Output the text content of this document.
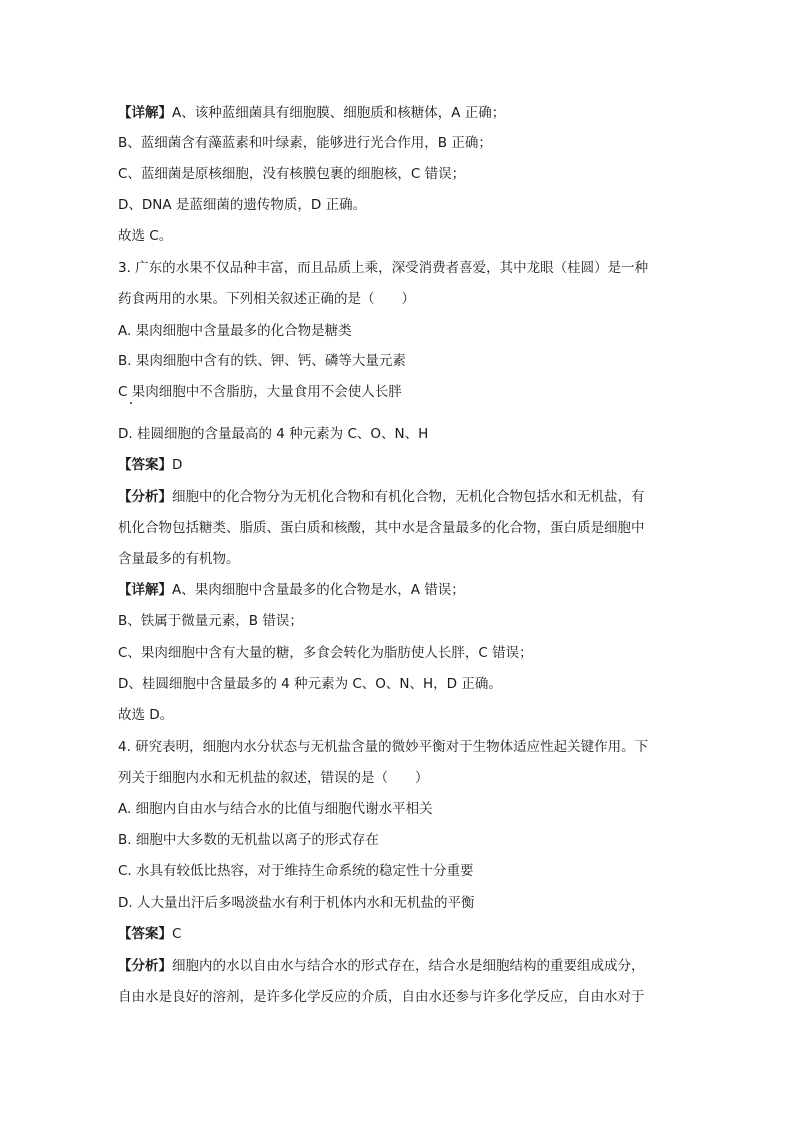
【详解】A、该种蓝细菌具有细胞膜、细胞质和核糖体，A 正确；
B、蓝细菌含有藻蓝素和叶绿素，能够进行光合作用，B 正确；
C、蓝细菌是原核细胞，没有核膜包裹的细胞核，C 错误；
D、DNA 是蓝细菌的遗传物质，D 正确。
故选 C。
3. 广东的水果不仅品种丰富，而且品质上乘，深受消费者喜爱，其中龙眼（桂圆）是一种
药食两用的水果。下列相关叙述正确的是（　　）
A. 果肉细胞中含量最多的化合物是糖类
B. 果肉细胞中含有的铁、钾、钙、磷等大量元素
C 果肉细胞中不含脂肪，大量食用不会使人长胖
D. 桂圆细胞的含量最高的 4 种元素为 C、O、N、H
【答案】D
【分析】细胞中的化合物分为无机化合物和有机化合物，无机化合物包括水和无机盐，有
机化合物包括糖类、脂质、蛋白质和核酸，其中水是含量最多的化合物，蛋白质是细胞中
含量最多的有机物。
【详解】A、果肉细胞中含量最多的化合物是水，A 错误；
B、铁属于微量元素，B 错误；
C、果肉细胞中含有大量的糖，多食会转化为脂肪使人长胖，C 错误；
D、桂圆细胞中含量最多的 4 种元素为 C、O、N、H，D 正确。
故选 D。
4. 研究表明，细胞内水分状态与无机盐含量的微妙平衡对于生物体适应性起关键作用。下
列关于细胞内水和无机盐的叙述，错误的是（　　）
A. 细胞内自由水与结合水的比值与细胞代谢水平相关
B. 细胞中大多数的无机盐以离子的形式存在
C. 水具有较低比热容，对于维持生命系统的稳定性十分重要
D. 人大量出汗后多喝淡盐水有利于机体内水和无机盐的平衡
【答案】C
【分析】细胞内的水以自由水与结合水的形式存在，结合水是细胞结构的重要组成成分，
自由水是良好的溶剂，是许多化学反应的介质，自由水还参与许多化学反应，自由水对于
